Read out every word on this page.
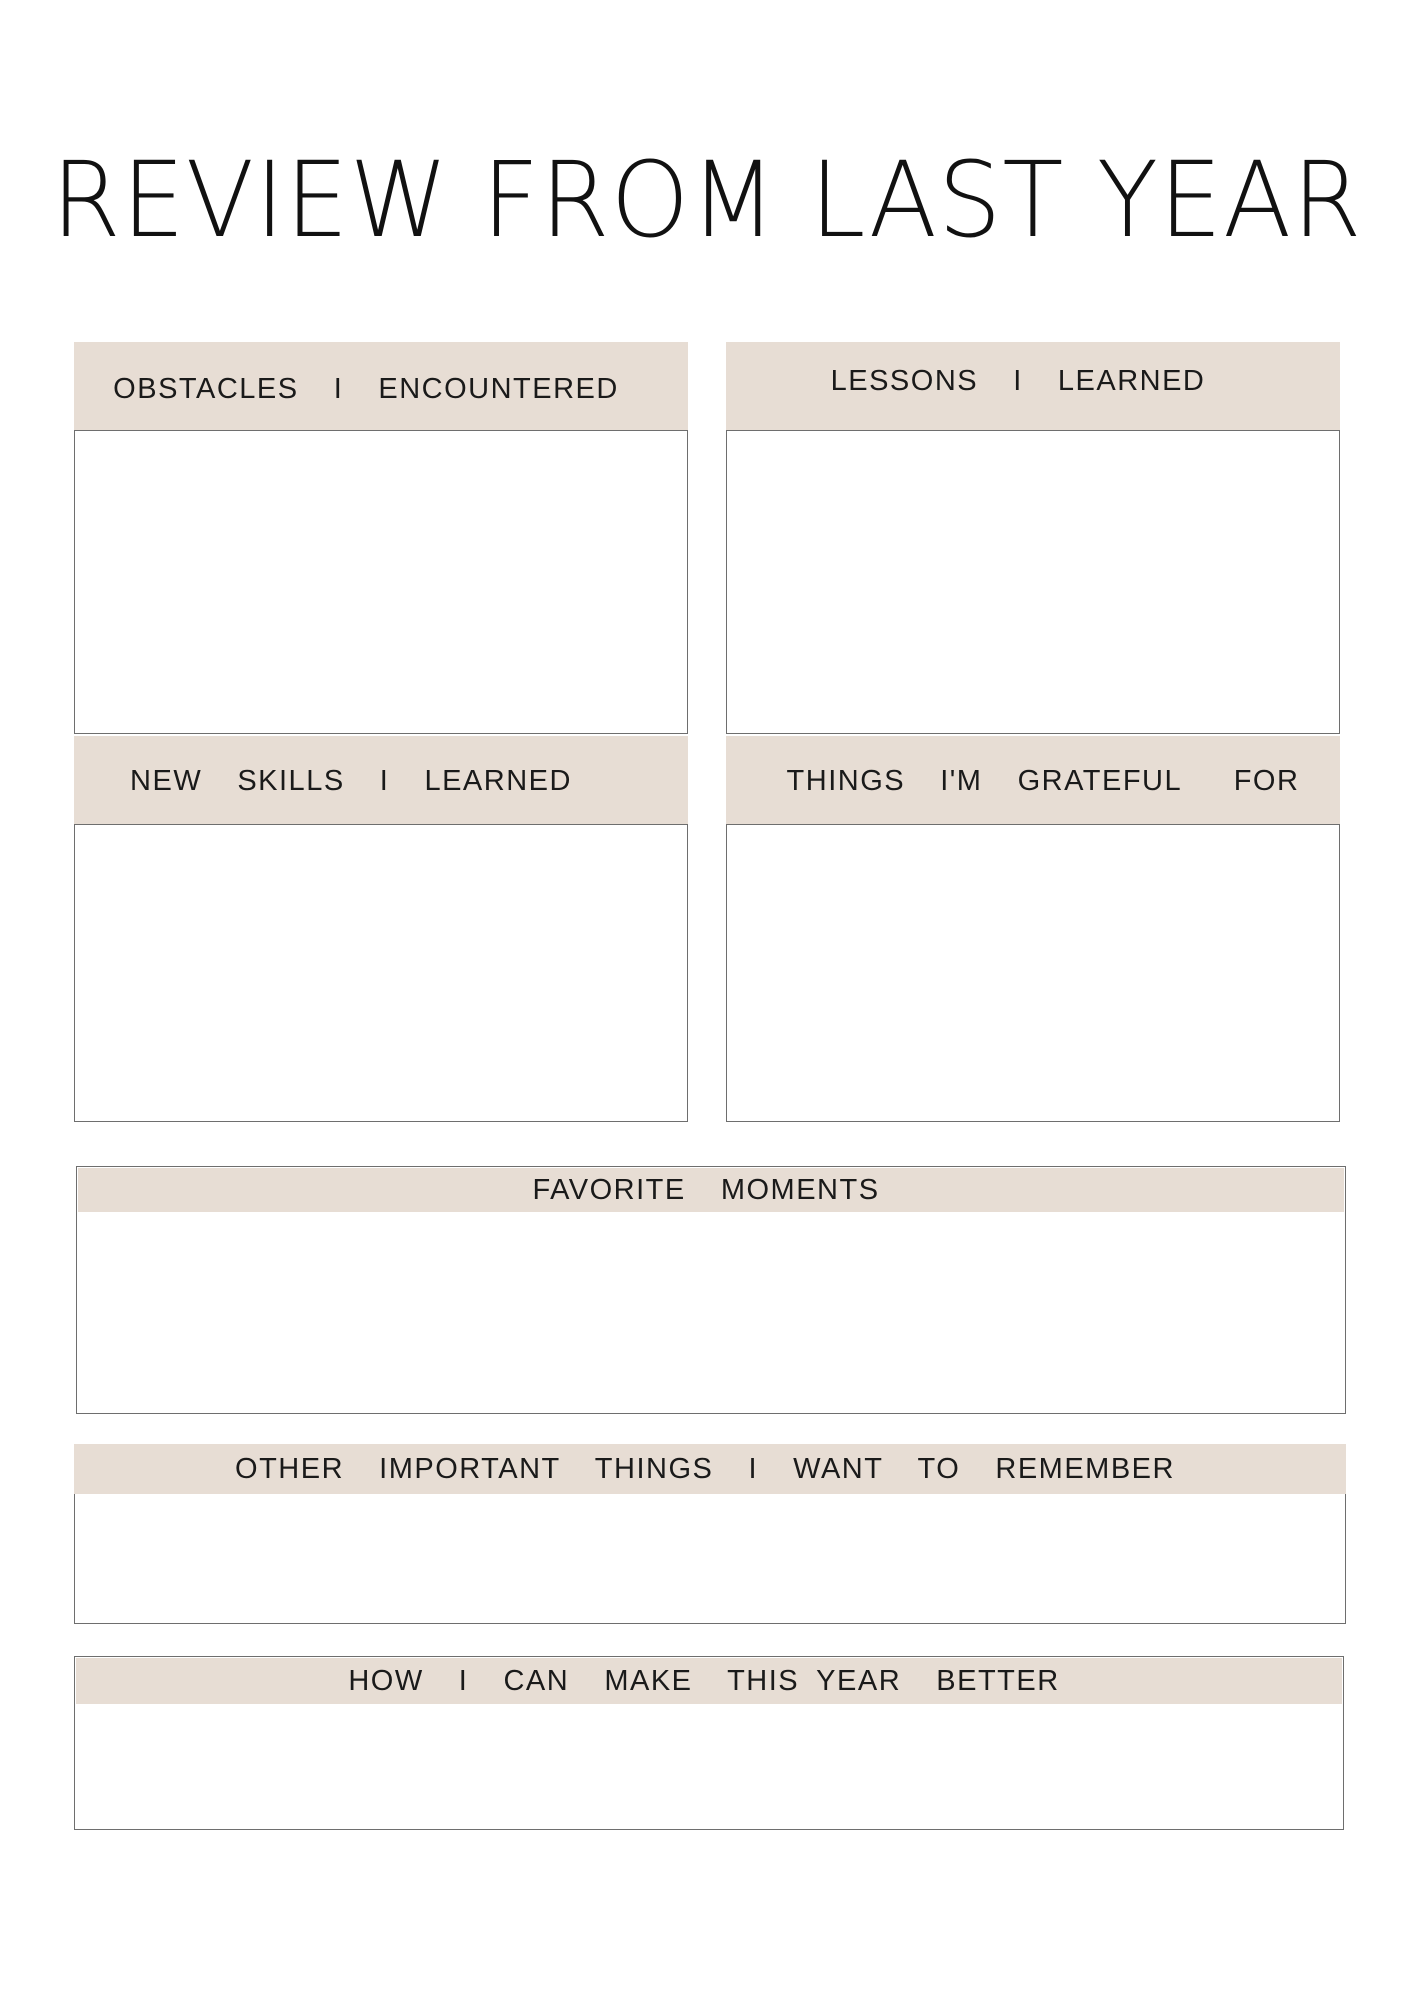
REVIEW FROM LAST YEAR
OBSTACLES  I  ENCOUNTERED	LESSONS  I  LEARNED
NEW  SKILLS  I  LEARNED	THINGS  I'M  GRATEFUL   FOR
FAVORITE  MOMENTS
OTHER  IMPORTANT  THINGS  I  WANT  TO  REMEMBER
HOW  I  CAN  MAKE  THIS YEAR  BETTER
